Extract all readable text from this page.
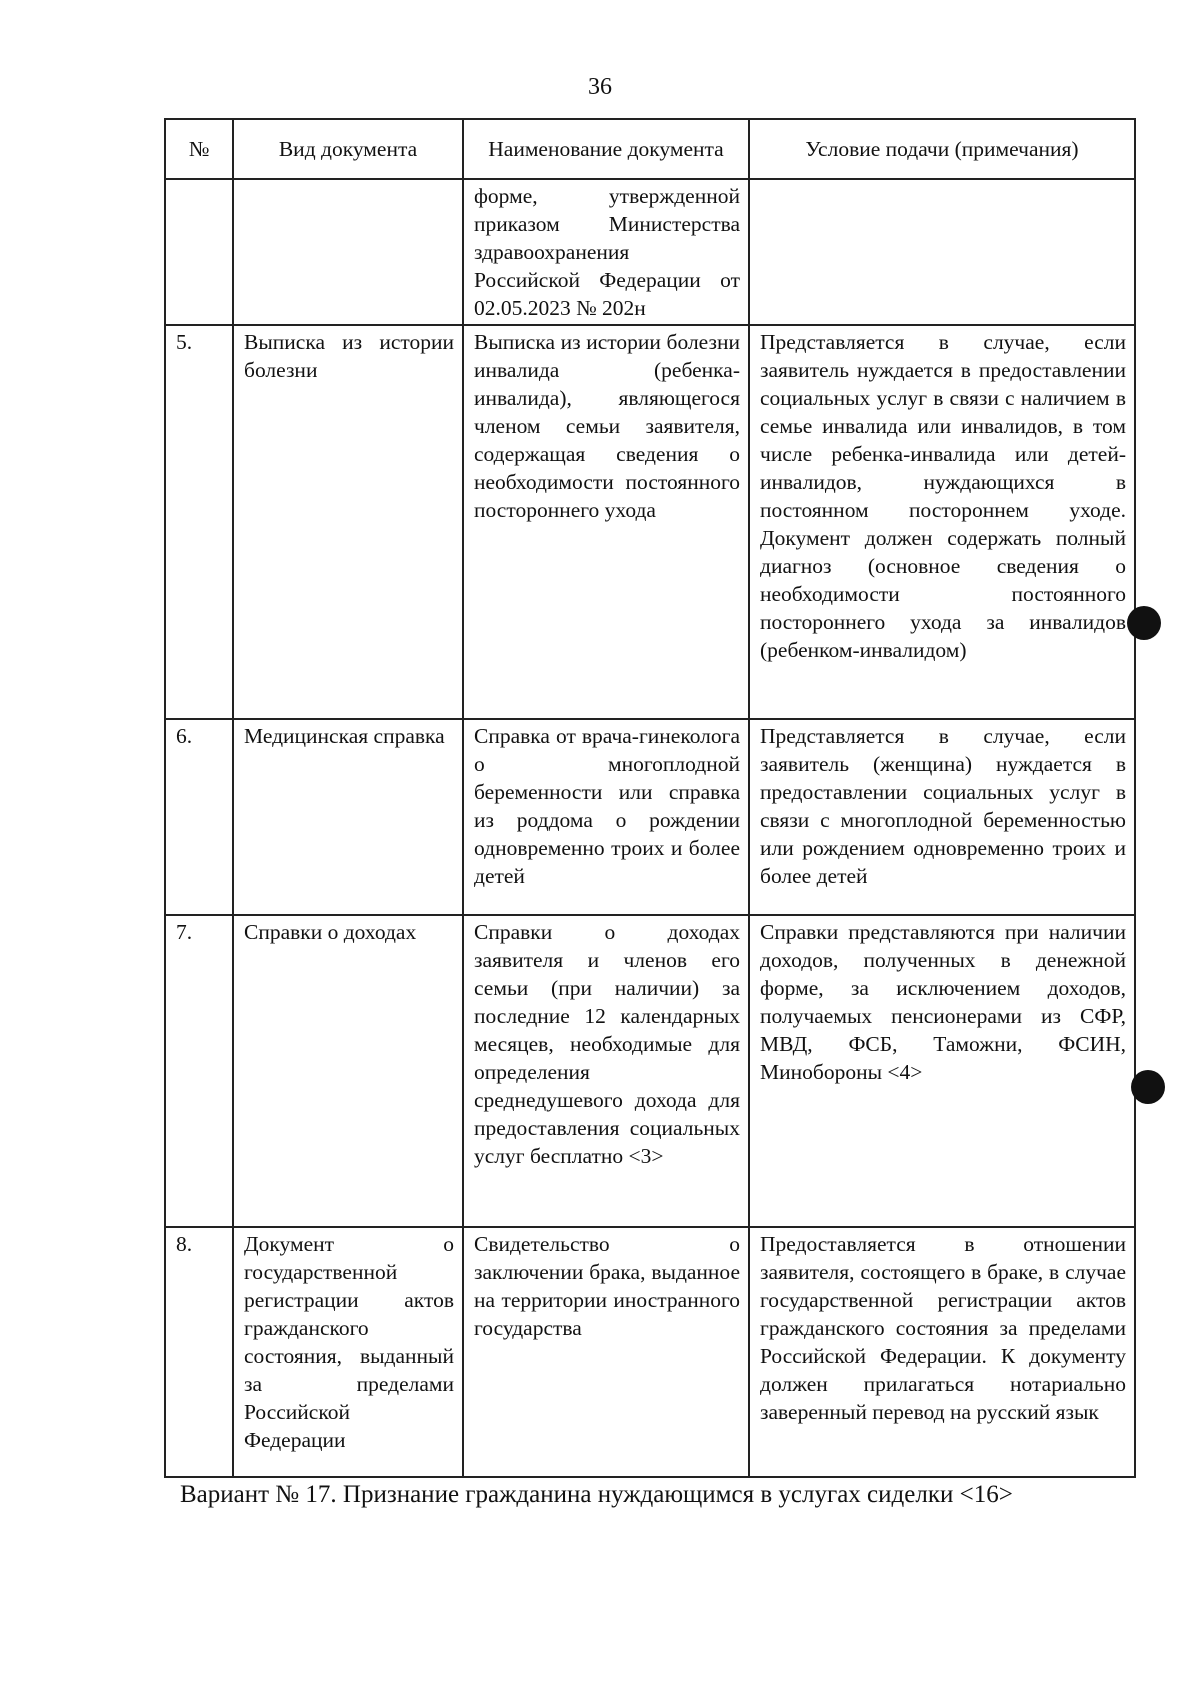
36
№	Вид документа	Наименование документа	Условие подачи (примечания)
		форме, утвержденной приказом Министерства здравоохранения Российской Федерации от 02.05.2023 № 202н	
5.	Выписка из истории болезни	Выписка из истории болезни инвалида (ребенка-инвалида), являющегося членом семьи заявителя, содержащая сведения о необходимости постоянного постороннего ухода	Представляется в случае, если заявитель нуждается в предоставлении социальных услуг в связи с наличием в семье инвалида или инвалидов, в том числе ребенка-инвалида или детей-инвалидов, нуждающихся в постоянном постороннем уходе. Документ должен содержать полный диагноз (основное сведения о необходимости постоянного постороннего ухода за инвалидов (ребенком-инвалидом)
6.	Медицинская справка	Справка от врача-гинеколога о многоплодной беременности или справка из роддома о рождении одновременно троих и более детей	Представляется в случае, если заявитель (женщина) нуждается в предоставлении социальных услуг в связи с многоплодной беременностью или рождением одновременно троих и более детей
7.	Справки о доходах	Справки о доходах заявителя и членов его семьи (при наличии) за последние 12 календарных месяцев, необходимые для определения среднедушевого дохода для предоставления социальных услуг бесплатно <3>	Справки представляются при наличии доходов, полученных в денежной форме, за исключением доходов, получаемых пенсионерами из СФР, МВД, ФСБ, Таможни, ФСИН, Минобороны <4>
8.	Документ о государственной регистрации актов гражданского состояния, выданный за пределами Российской Федерации	Свидетельство о заключении брака, выданное на территории иностранного государства	Предоставляется в отношении заявителя, состоящего в браке, в случае государственной регистрации актов гражданского состояния за пределами Российской Федерации. К документу должен прилагаться нотариально заверенный перевод на русский язык
Вариант № 17. Признание гражданина нуждающимся в услугах сиделки <16>
